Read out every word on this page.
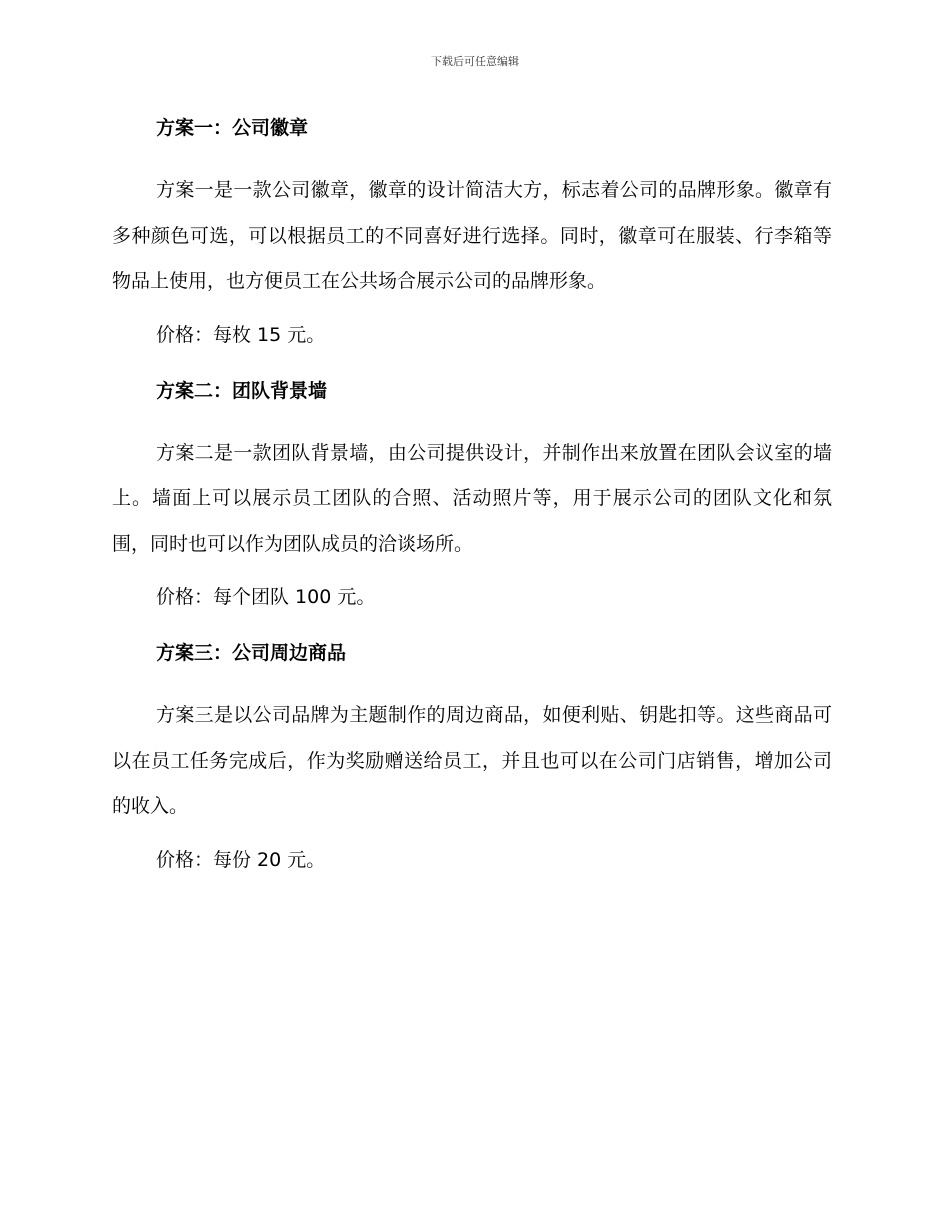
下载后可任意编辑
方案一：公司徽章
方案一是一款公司徽章，徽章的设计简洁大方，标志着公司的品牌形象。徽章有多种颜色可选，可以根据员工的不同喜好进行选择。同时，徽章可在服装、行李箱等物品上使用，也方便员工在公共场合展示公司的品牌形象。
价格：每枚 15 元。
方案二：团队背景墙
方案二是一款团队背景墙，由公司提供设计，并制作出来放置在团队会议室的墙上。墙面上可以展示员工团队的合照、活动照片等，用于展示公司的团队文化和氛围，同时也可以作为团队成员的洽谈场所。
价格：每个团队 100 元。
方案三：公司周边商品
方案三是以公司品牌为主题制作的周边商品，如便利贴、钥匙扣等。这些商品可以在员工任务完成后，作为奖励赠送给员工，并且也可以在公司门店销售，增加公司的收入。
价格：每份 20 元。
